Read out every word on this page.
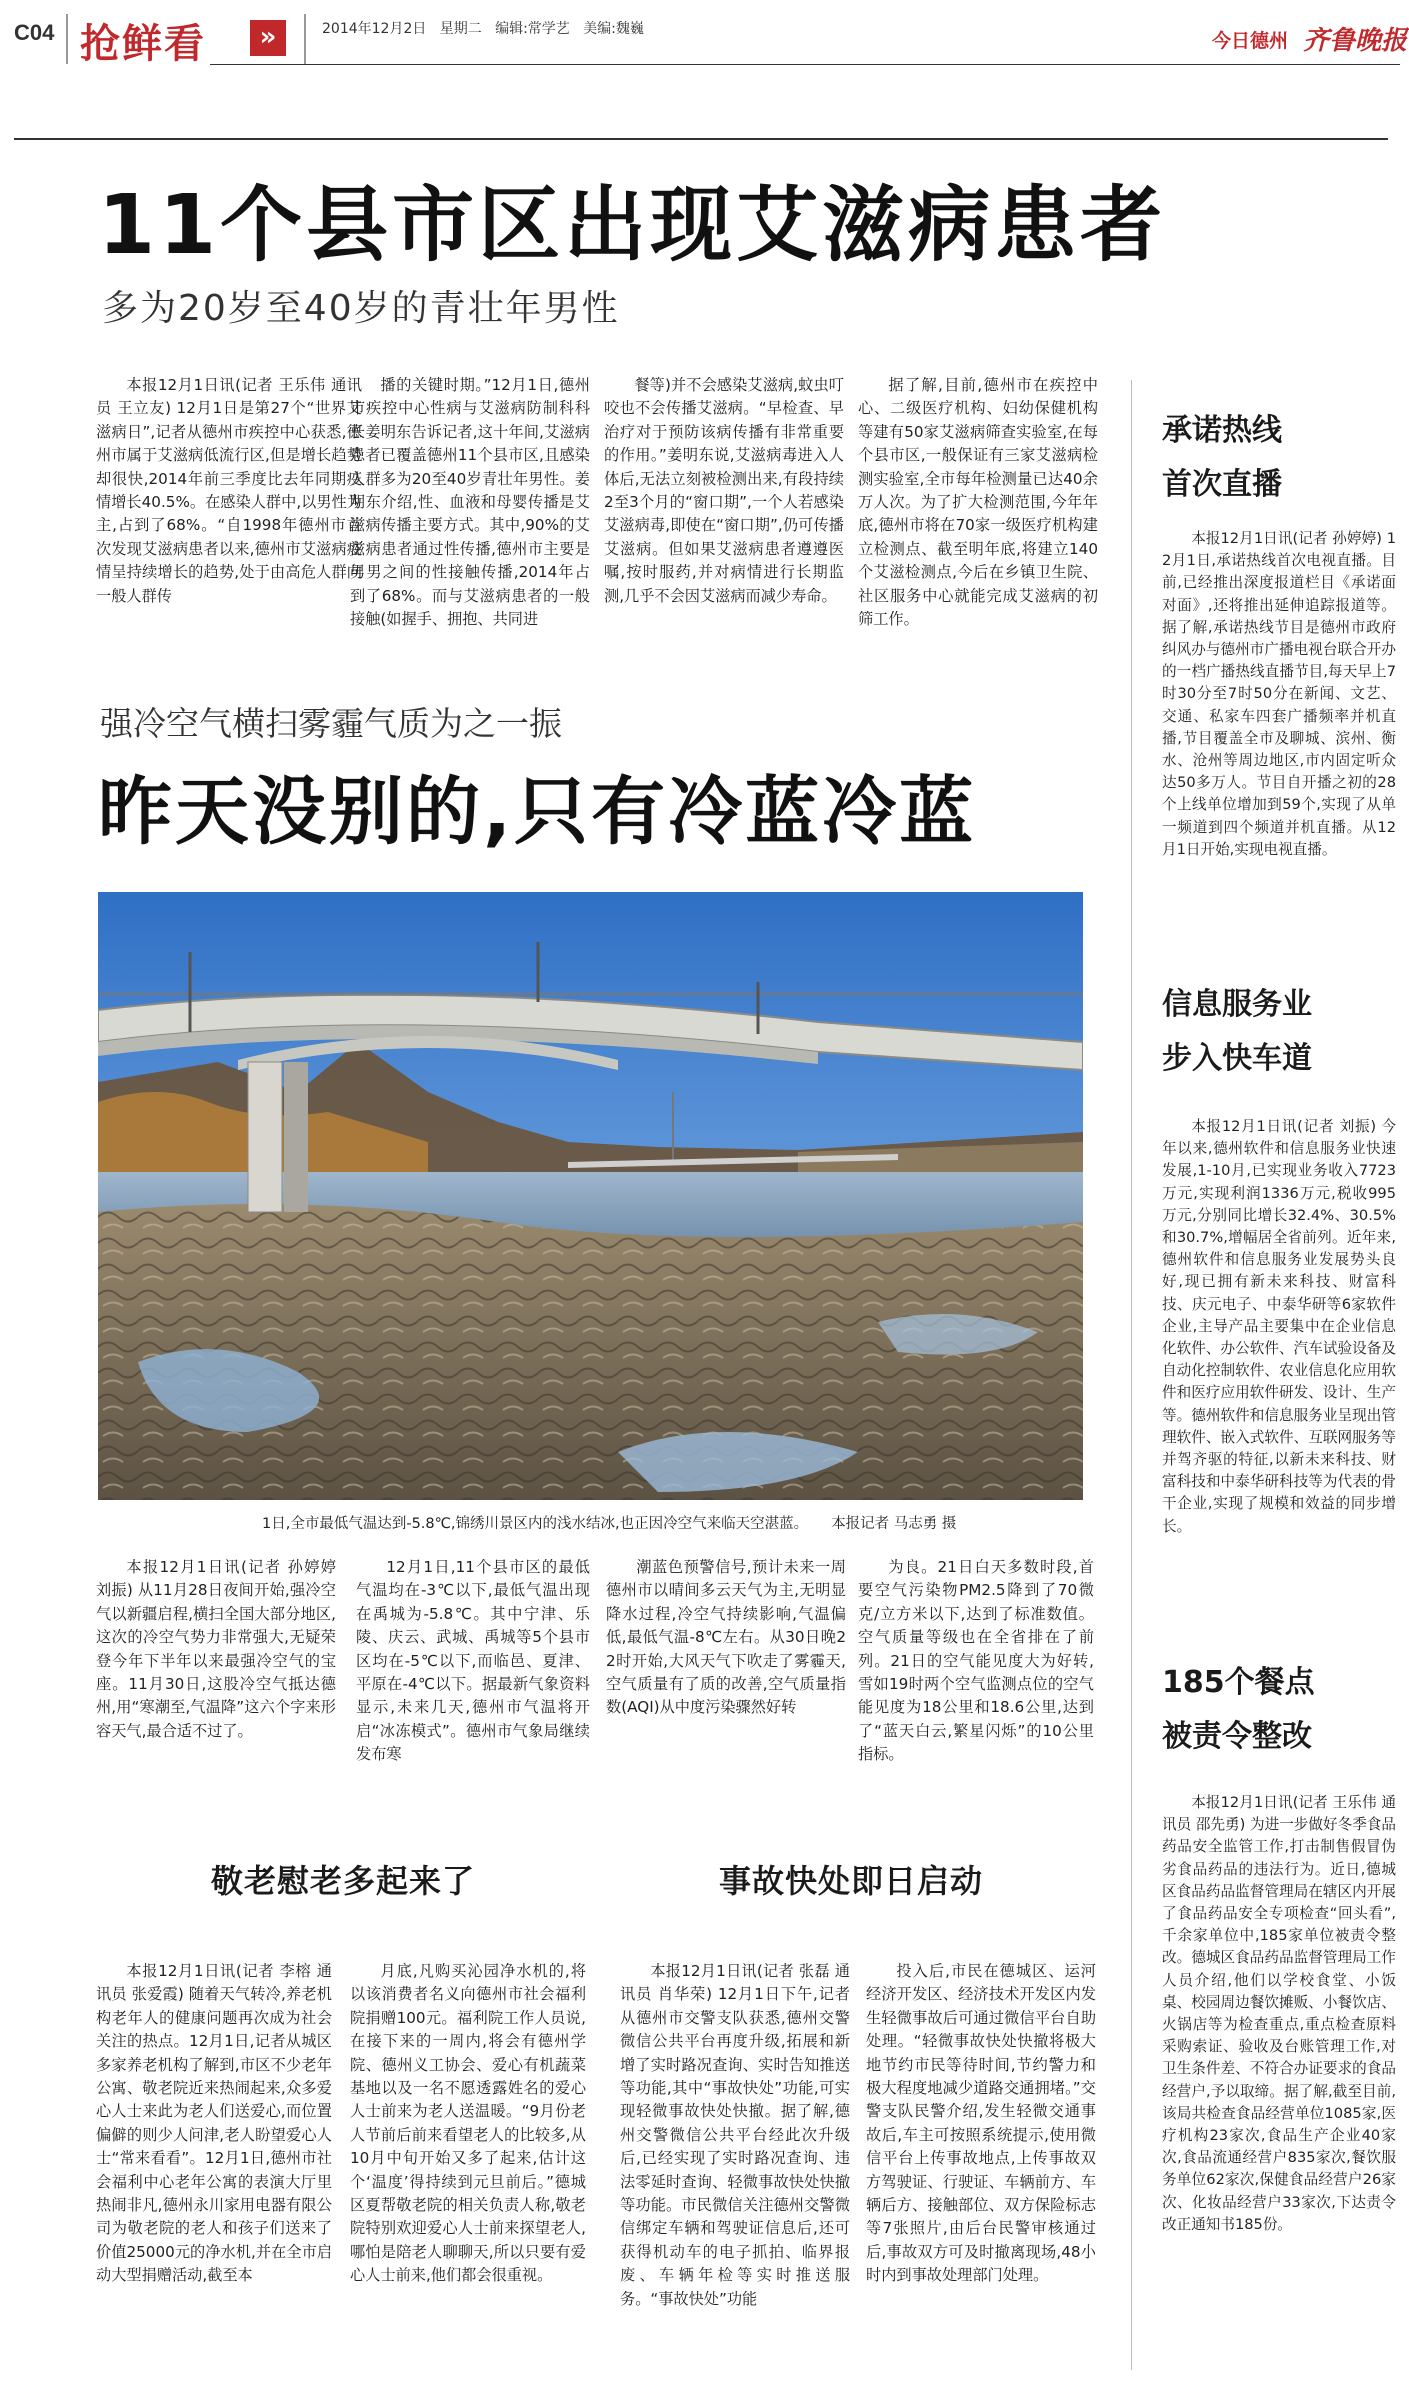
C04 抢鲜看	»	2014年12月2日 星期二 编辑:常学艺 美编:魏巍
今日德州 齐鲁晚报
11个县市区出现艾滋病患者
多为20岁至40岁的青壮年男性

本报12月1日讯(记者 王乐伟 通讯员 王立友) 12月1日是第27个“世界艾滋病日”,记者从德州市疾控中心获悉,德州市属于艾滋病低流行区,但是增长趋势却很快,2014年前三季度比去年同期疫情增长40.5%。在感染人群中,以男性为主,占到了68%。“自1998年德州市首次发现艾滋病患者以来,德州市艾滋病疫情呈持续增长的趋势,处于由高危人群向一般人群传

播的关键时期。”12月1日,德州市疾控中心性病与艾滋病防制科科长姜明东告诉记者,这十年间,艾滋病患者已覆盖德州11个县市区,且感染人群多为20至40岁青壮年男性。姜明东介绍,性、血液和母婴传播是艾滋病传播主要方式。其中,90%的艾滋病患者通过性传播,德州市主要是男男之间的性接触传播,2014年占到了68%。而与艾滋病患者的一般接触(如握手、拥抱、共同进

餐等)并不会感染艾滋病,蚊虫叮咬也不会传播艾滋病。“早检查、早治疗对于预防该病传播有非常重要的作用。”姜明东说,艾滋病毒进入人体后,无法立刻被检测出来,有段持续2至3个月的“窗口期”,一个人若感染艾滋病毒,即使在“窗口期”,仍可传播艾滋病。但如果艾滋病患者遵遵医嘱,按时服药,并对病情进行长期监测,几乎不会因艾滋病而减少寿命。

据了解,目前,德州市在疾控中心、二级医疗机构、妇幼保健机构等建有50家艾滋病筛查实验室,在每个县市区,一般保证有三家艾滋病检测实验室,全市每年检测量已达40余万人次。为了扩大检测范围,今年年底,德州市将在70家一级医疗机构建立检测点、截至明年底,将建立140个艾滋检测点,今后在乡镇卫生院、社区服务中心就能完成艾滋病的初筛工作。

强冷空气横扫雾霾气质为之一振
昨天没别的,只有冷蓝冷蓝
1日,全市最低气温达到-5.8℃,锦绣川景区内的浅水结冰,也正因冷空气来临天空湛蓝。 本报记者 马志勇 摄

本报12月1日讯(记者 孙婷婷 刘振) 从11月28日夜间开始,强冷空气以新疆启程,横扫全国大部分地区,这次的冷空气势力非常强大,无疑荣登今年下半年以来最强冷空气的宝座。11月30日,这股冷空气抵达德州,用“寒潮至,气温降”这六个字来形容天气,最合适不过了。

12月1日,11个县市区的最低气温均在-3℃以下,最低气温出现在禹城为-5.8℃。其中宁津、乐陵、庆云、武城、禹城等5个县市区均在-5℃以下,而临邑、夏津、平原在-4℃以下。据最新气象资料显示,未来几天,德州市气温将开启“冰冻模式”。德州市气象局继续发布寒

潮蓝色预警信号,预计未来一周德州市以晴间多云天气为主,无明显降水过程,冷空气持续影响,气温偏低,最低气温-8℃左右。从30日晚22时开始,大风天气下吹走了雾霾天,空气质量有了质的改善,空气质量指数(AQI)从中度污染骤然好转

为良。21日白天多数时段,首要空气污染物PM2.5降到了70微克/立方米以下,达到了标准数值。空气质量等级也在全省排在了前列。21日的空气能见度大为好转,雪如19时两个空气监测点位的空气能见度为18公里和18.6公里,达到了“蓝天白云,繁星闪烁”的10公里指标。

敬老慰老多起来了

本报12月1日讯(记者 李榕 通讯员 张爱霞) 随着天气转冷,养老机构老年人的健康问题再次成为社会关注的热点。12月1日,记者从城区多家养老机构了解到,市区不少老年公寓、敬老院近来热闹起来,众多爱心人士来此为老人们送爱心,而位置偏僻的则少人问津,老人盼望爱心人士“常来看看”。12月1日,德州市社会福利中心老年公寓的表演大厅里热闹非凡,德州永川家用电器有限公司为敬老院的老人和孩子们送来了价值25000元的净水机,并在全市启动大型捐赠活动,截至本

月底,凡购买沁园净水机的,将以该消费者名义向德州市社会福利院捐赠100元。福利院工作人员说,在接下来的一周内,将会有德州学院、德州义工协会、爱心有机蔬菜基地以及一名不愿透露姓名的爱心人士前来为老人送温暖。“9月份老人节前后前来看望老人的比较多,从10月中旬开始又多了起来,估计这个‘温度’得持续到元旦前后。”德城区夏帮敬老院的相关负责人称,敬老院特别欢迎爱心人士前来探望老人,哪怕是陪老人聊聊天,所以只要有爱心人士前来,他们都会很重视。

事故快处即日启动

本报12月1日讯(记者 张磊 通讯员 肖华荣) 12月1日下午,记者从德州市交警支队获悉,德州交警微信公共平台再度升级,拓展和新增了实时路况查询、实时告知推送等功能,其中“事故快处”功能,可实现轻微事故快处快撤。据了解,德州交警微信公共平台经此次升级后,已经实现了实时路况查询、违法零延时查询、轻微事故快处快撤等功能。市民微信关注德州交警微信绑定车辆和驾驶证信息后,还可获得机动车的电子抓拍、临界报废、车辆年检等实时推送服务。“事故快处”功能

投入后,市民在德城区、运河经济开发区、经济技术开发区内发生轻微事故后可通过微信平台自助处理。“轻微事故快处快撤将极大地节约市民等待时间,节约警力和极大程度地减少道路交通拥堵。”交警支队民警介绍,发生轻微交通事故后,车主可按照系统提示,使用微信平台上传事故地点,上传事故双方驾驶证、行驶证、车辆前方、车辆后方、接触部位、双方保险标志等7张照片,由后台民警审核通过后,事故双方可及时撤离现场,48小时内到事故处理部门处理。

承诺热线
首次直播

本报12月1日讯(记者 孙婷婷) 12月1日,承诺热线首次电视直播。目前,已经推出深度报道栏目《承诺面对面》,还将推出延伸追踪报道等。据了解,承诺热线节目是德州市政府纠风办与德州市广播电视台联合开办的一档广播热线直播节目,每天早上7时30分至7时50分在新闻、文艺、交通、私家车四套广播频率并机直播,节目覆盖全市及聊城、滨州、衡水、沧州等周边地区,市内固定听众达50多万人。节目自开播之初的28个上线单位增加到59个,实现了从单一频道到四个频道并机直播。从12月1日开始,实现电视直播。

信息服务业
步入快车道

本报12月1日讯(记者 刘振) 今年以来,德州软件和信息服务业快速发展,1-10月,已实现业务收入7723万元,实现利润1336万元,税收995万元,分别同比增长32.4%、30.5%和30.7%,增幅居全省前列。近年来,德州软件和信息服务业发展势头良好,现已拥有新未来科技、财富科技、庆元电子、中泰华研等6家软件企业,主导产品主要集中在企业信息化软件、办公软件、汽车试验设备及自动化控制软件、农业信息化应用软件和医疗应用软件研发、设计、生产等。德州软件和信息服务业呈现出管理软件、嵌入式软件、互联网服务等并驾齐驱的特征,以新未来科技、财富科技和中泰华研科技等为代表的骨干企业,实现了规模和效益的同步增长。

185个餐点
被责令整改

本报12月1日讯(记者 王乐伟 通讯员 邵先勇) 为进一步做好冬季食品药品安全监管工作,打击制售假冒伪劣食品药品的违法行为。近日,德城区食品药品监督管理局在辖区内开展了食品药品安全专项检查“回头看”,千余家单位中,185家单位被责令整改。德城区食品药品监督管理局工作人员介绍,他们以学校食堂、小饭桌、校园周边餐饮摊贩、小餐饮店、火锅店等为检查重点,重点检查原料采购索证、验收及台账管理工作,对卫生条件差、不符合办证要求的食品经营户,予以取缔。据了解,截至目前,该局共检查食品经营单位1085家,医疗机构23家次,食品生产企业40家次,食品流通经营户835家次,餐饮服务单位62家次,保健食品经营户26家次、化妆品经营户33家次,下达责令改正通知书185份。
